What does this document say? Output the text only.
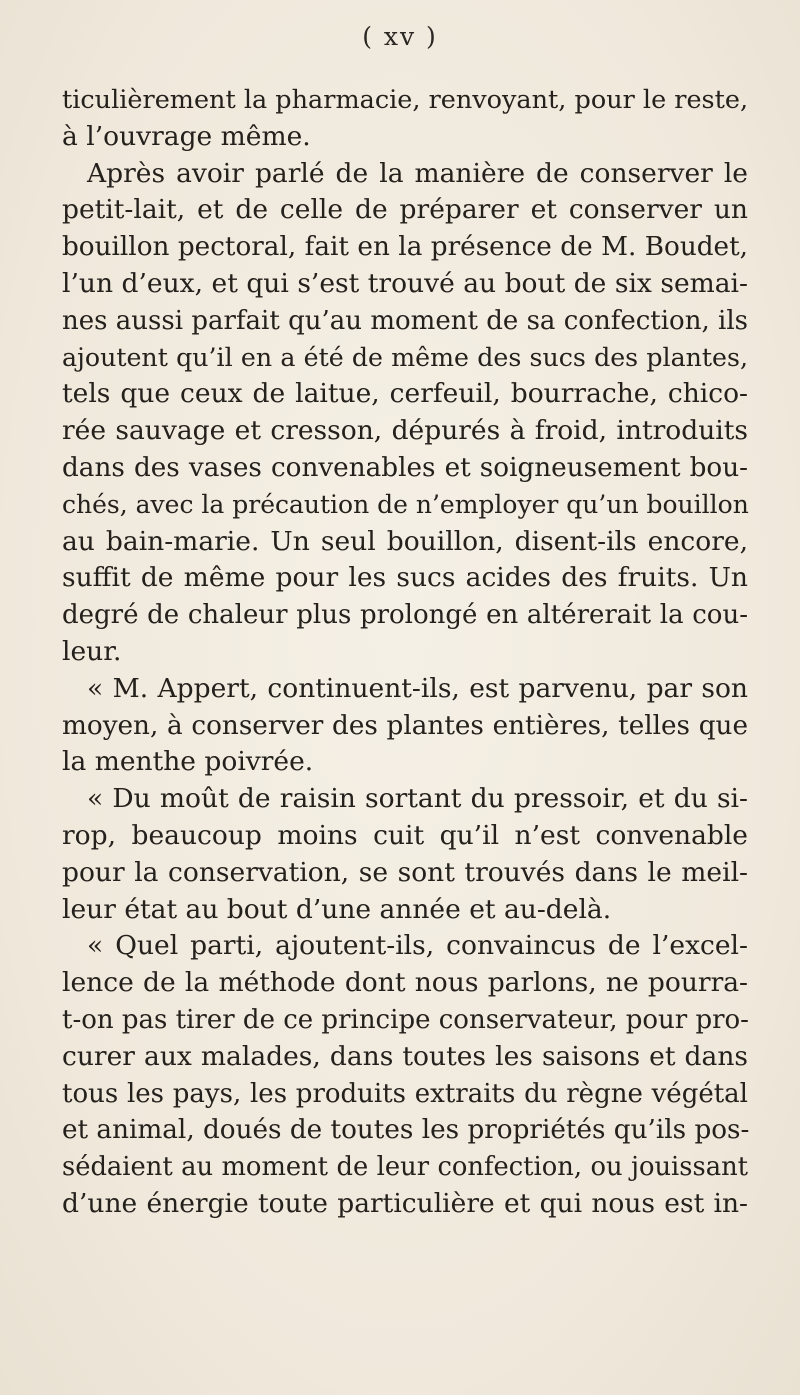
( xv )
ticulièrement la pharmacie, renvoyant, pour le reste,
à l’ouvrage même.
Après avoir parlé de la manière de conserver le
petit-lait, et de celle de préparer et conserver un
bouillon pectoral, fait en la présence de M. Boudet,
l’un d’eux, et qui s’est trouvé au bout de six semai-
nes aussi parfait qu’au moment de sa confection, ils
ajoutent qu’il en a été de même des sucs des plantes,
tels que ceux de laitue, cerfeuil, bourrache, chico-
rée sauvage et cresson, dépurés à froid, introduits
dans des vases convenables et soigneusement bou-
chés, avec la précaution de n’employer qu’un bouillon
au bain-marie. Un seul bouillon, disent-ils encore,
suffit de même pour les sucs acides des fruits. Un
degré de chaleur plus prolongé en altérerait la cou-
leur.
« M. Appert, continuent-ils, est parvenu, par son
moyen, à conserver des plantes entières, telles que
la menthe poivrée.
« Du moût de raisin sortant du pressoir, et du si-
rop, beaucoup moins cuit qu’il n’est convenable
pour la conservation, se sont trouvés dans le meil-
leur état au bout d’une année et au-delà.
« Quel parti, ajoutent-ils, convaincus de l’excel-
lence de la méthode dont nous parlons, ne pourra-
t-on pas tirer de ce principe conservateur, pour pro-
curer aux malades, dans toutes les saisons et dans
tous les pays, les produits extraits du règne végétal
et animal, doués de toutes les propriétés qu’ils pos-
sédaient au moment de leur confection, ou jouissant
d’une énergie toute particulière et qui nous est in-
